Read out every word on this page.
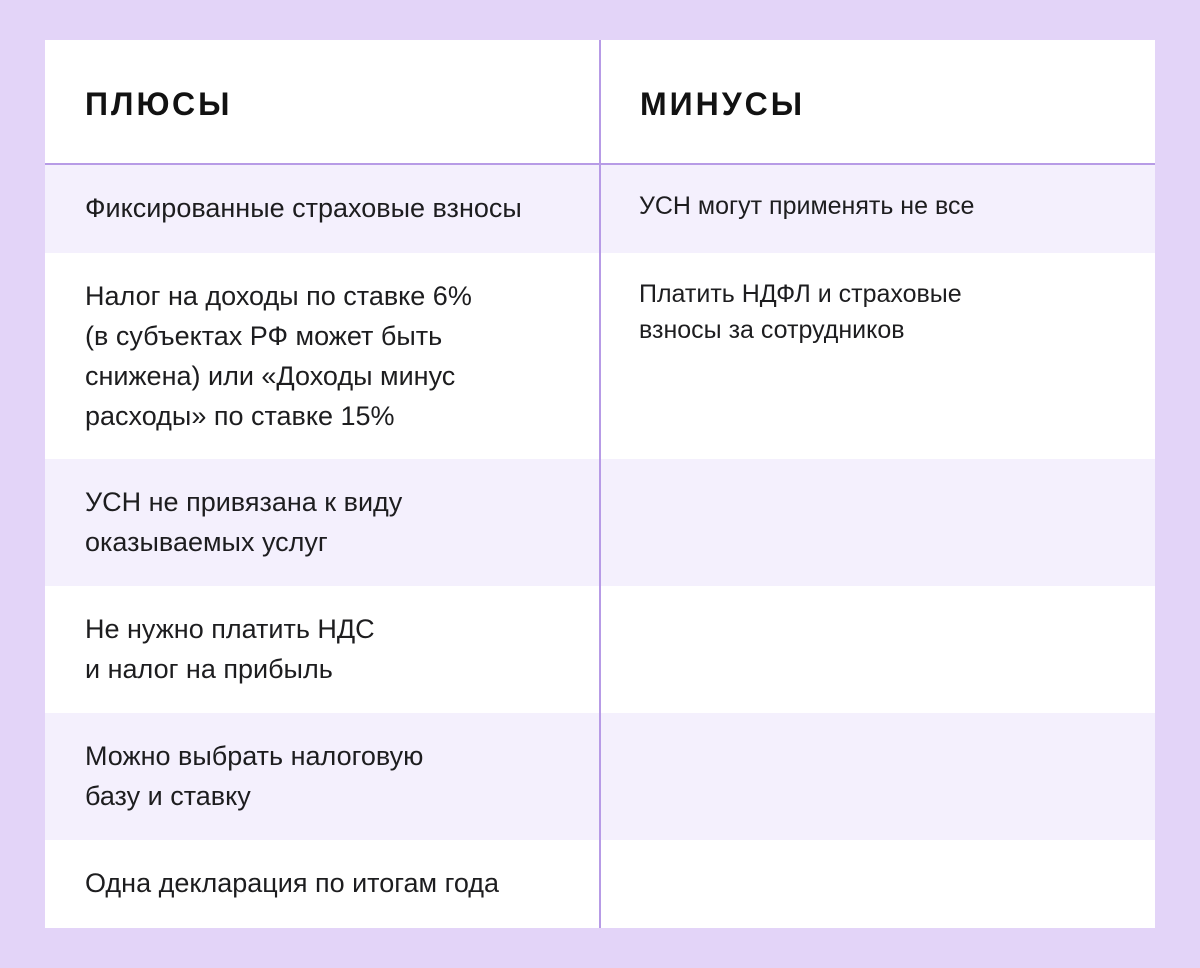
ПЛЮСЫ	МИНУСЫ
Фиксированные страховые взносы	УСН могут применять не все
Налог на доходы по ставке 6%
(в субъектах РФ может быть
снижена) или «Доходы минус
расходы» по ставке 15%
Платить НДФЛ и страховые
взносы за сотрудников
УСН не привязана к виду
оказываемых услуг
Не нужно платить НДС
и налог на прибыль
Можно выбрать налоговую
базу и ставку
Одна декларация по итогам года
